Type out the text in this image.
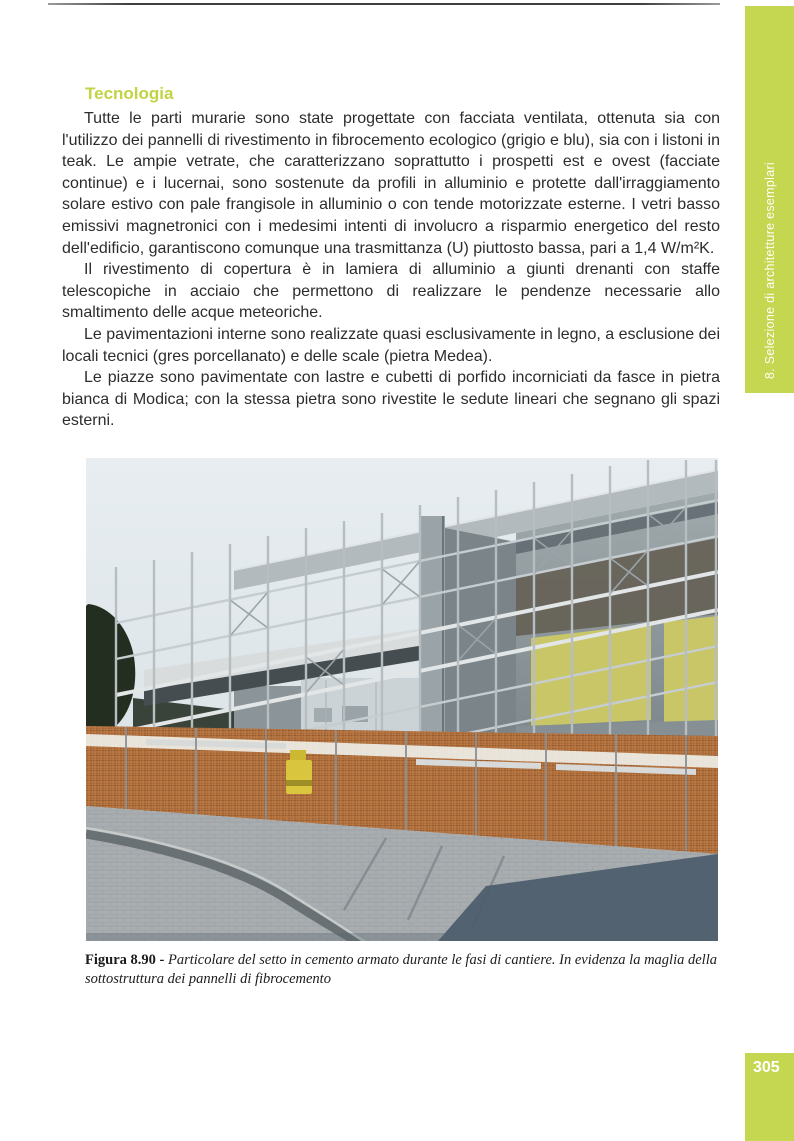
8. Selezione di architetture esemplari
Tecnologia

Tutte le parti murarie sono state progettate con facciata ventilata, ottenuta sia con l'utilizzo dei pannelli di rivestimento in fibrocemento ecologico (grigio e blu), sia con i listoni in teak. Le ampie vetrate, che caratterizzano soprattutto i prospetti est e ovest (facciate continue) e i lucernai, sono sostenute da profili in alluminio e protette dall'irraggiamento solare estivo con pale frangisole in alluminio o con tende motorizzate esterne. I vetri basso emissivi magnetronici con i medesimi intenti di involucro a risparmio energetico del resto dell'edificio, garantiscono comunque una trasmittanza (U) piuttosto bassa, pari a 1,4 W/m²K.

Il rivestimento di copertura è in lamiera di alluminio a giunti drenanti con staffe telescopiche in acciaio che permettono di realizzare le pendenze necessarie allo smaltimento delle acque meteoriche.

Le pavimentazioni interne sono realizzate quasi esclusivamente in legno, a esclusione dei locali tecnici (gres porcellanato) e delle scale (pietra Medea).

Le piazze sono pavimentate con lastre e cubetti di porfido incorniciati da fasce in pietra bianca di Modica; con la stessa pietra sono rivestite le sedute lineari che segnano gli spazi esterni.

Figura 8.90 - Particolare del setto in cemento armato durante le fasi di cantiere. In evidenza la maglia della sottostruttura dei pannelli di fibrocemento
305
